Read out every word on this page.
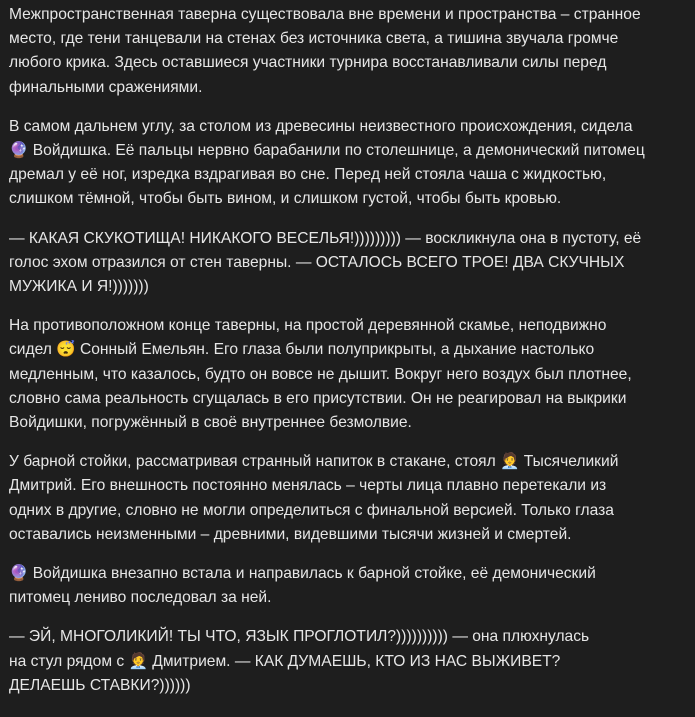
Межпространственная таверна существовала вне времени и пространства – странное
место, где тени танцевали на стенах без источника света, а тишина звучала громче
любого крика. Здесь оставшиеся участники турнира восстанавливали силы перед
финальными сражениями.

В самом дальнем углу, за столом из древесины неизвестного происхождения, сидела
🔮 Войдишка. Её пальцы нервно барабанили по столешнице, а демонический питомец
дремал у её ног, изредка вздрагивая во сне. Перед ней стояла чаша с жидкостью,
слишком тёмной, чтобы быть вином, и слишком густой, чтобы быть кровью.

— КАКАЯ СКУКОТИЩА! НИКАКОГО ВЕСЕЛЬЯ!))))))))) — воскликнула она в пустоту, её
голос эхом отразился от стен таверны. — ОСТАЛОСЬ ВСЕГО ТРОЕ! ДВА СКУЧНЫХ
МУЖИКА И Я!)))))))

На противоположном конце таверны, на простой деревянной скамье, неподвижно
сидел 😴 Сонный Емельян. Его глаза были полуприкрыты, а дыхание настолько
медленным, что казалось, будто он вовсе не дышит. Вокруг него воздух был плотнее,
словно сама реальность сгущалась в его присутствии. Он не реагировал на выкрики
Войдишки, погружённый в своё внутреннее безмолвие.

У барной стойки, рассматривая странный напиток в стакане, стоял 🧑‍💼 Тысячеликий
Дмитрий. Его внешность постоянно менялась – черты лица плавно перетекали из
одних в другие, словно не могли определиться с финальной версией. Только глаза
оставались неизменными – древними, видевшими тысячи жизней и смертей.

🔮 Войдишка внезапно встала и направилась к барной стойке, её демонический
питомец лениво последовал за ней.

— ЭЙ, МНОГОЛИКИЙ! ТЫ ЧТО, ЯЗЫК ПРОГЛОТИЛ?)))))))))) — она плюхнулась
на стул рядом с 🧑‍💼 Дмитрием. — КАК ДУМАЕШЬ, КТО ИЗ НАС ВЫЖИВЕТ?
ДЕЛАЕШЬ СТАВКИ?))))))
